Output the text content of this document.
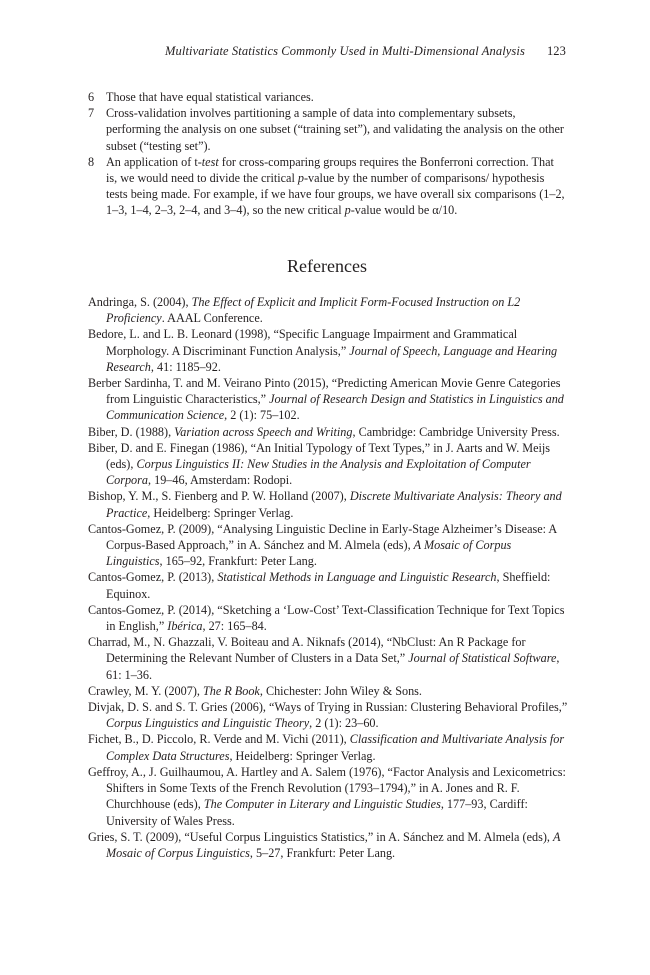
Multivariate Statistics Commonly Used in Multi-Dimensional Analysis 123
6 Those that have equal statistical variances.
7 Cross-validation involves partitioning a sample of data into complementary subsets, performing the analysis on one subset (“training set”), and validating the analysis on the other subset (“testing set”).
8 An application of t-test for cross-comparing groups requires the Bonferroni correction. That is, we would need to divide the critical p-value by the number of comparisons/ hypothesis tests being made. For example, if we have four groups, we have overall six comparisons (1–2, 1–3, 1–4, 2–3, 2–4, and 3–4), so the new critical p-value would be α/10.
References
Andringa, S. (2004), The Effect of Explicit and Implicit Form-Focused Instruction on L2 Proficiency. AAAL Conference.
Bedore, L. and L. B. Leonard (1998), “Specific Language Impairment and Grammatical Morphology. A Discriminant Function Analysis,” Journal of Speech, Language and Hearing Research, 41: 1185–92.
Berber Sardinha, T. and M. Veirano Pinto (2015), “Predicting American Movie Genre Categories from Linguistic Characteristics,” Journal of Research Design and Statistics in Linguistics and Communication Science, 2 (1): 75–102.
Biber, D. (1988), Variation across Speech and Writing, Cambridge: Cambridge University Press.
Biber, D. and E. Finegan (1986), “An Initial Typology of Text Types,” in J. Aarts and W. Meijs (eds), Corpus Linguistics II: New Studies in the Analysis and Exploitation of Computer Corpora, 19–46, Amsterdam: Rodopi.
Bishop, Y. M., S. Fienberg and P. W. Holland (2007), Discrete Multivariate Analysis: Theory and Practice, Heidelberg: Springer Verlag.
Cantos-Gomez, P. (2009), “Analysing Linguistic Decline in Early-Stage Alzheimer’s Disease: A Corpus-Based Approach,” in A. Sánchez and M. Almela (eds), A Mosaic of Corpus Linguistics, 165–92, Frankfurt: Peter Lang.
Cantos-Gomez, P. (2013), Statistical Methods in Language and Linguistic Research, Sheffield: Equinox.
Cantos-Gomez, P. (2014), “Sketching a ‘Low-Cost’ Text-Classification Technique for Text Topics in English,” Ibérica, 27: 165–84.
Charrad, M., N. Ghazzali, V. Boiteau and A. Niknafs (2014), “NbClust: An R Package for Determining the Relevant Number of Clusters in a Data Set,” Journal of Statistical Software, 61: 1–36.
Crawley, M. Y. (2007), The R Book, Chichester: John Wiley & Sons.
Divjak, D. S. and S. T. Gries (2006), “Ways of Trying in Russian: Clustering Behavioral Profiles,” Corpus Linguistics and Linguistic Theory, 2 (1): 23–60.
Fichet, B., D. Piccolo, R. Verde and M. Vichi (2011), Classification and Multivariate Analysis for Complex Data Structures, Heidelberg: Springer Verlag.
Geffroy, A., J. Guilhaumou, A. Hartley and A. Salem (1976), “Factor Analysis and Lexicometrics: Shifters in Some Texts of the French Revolution (1793–1794),” in A. Jones and R. F. Churchhouse (eds), The Computer in Literary and Linguistic Studies, 177–93, Cardiff: University of Wales Press.
Gries, S. T. (2009), “Useful Corpus Linguistics Statistics,” in A. Sánchez and M. Almela (eds), A Mosaic of Corpus Linguistics, 5–27, Frankfurt: Peter Lang.
